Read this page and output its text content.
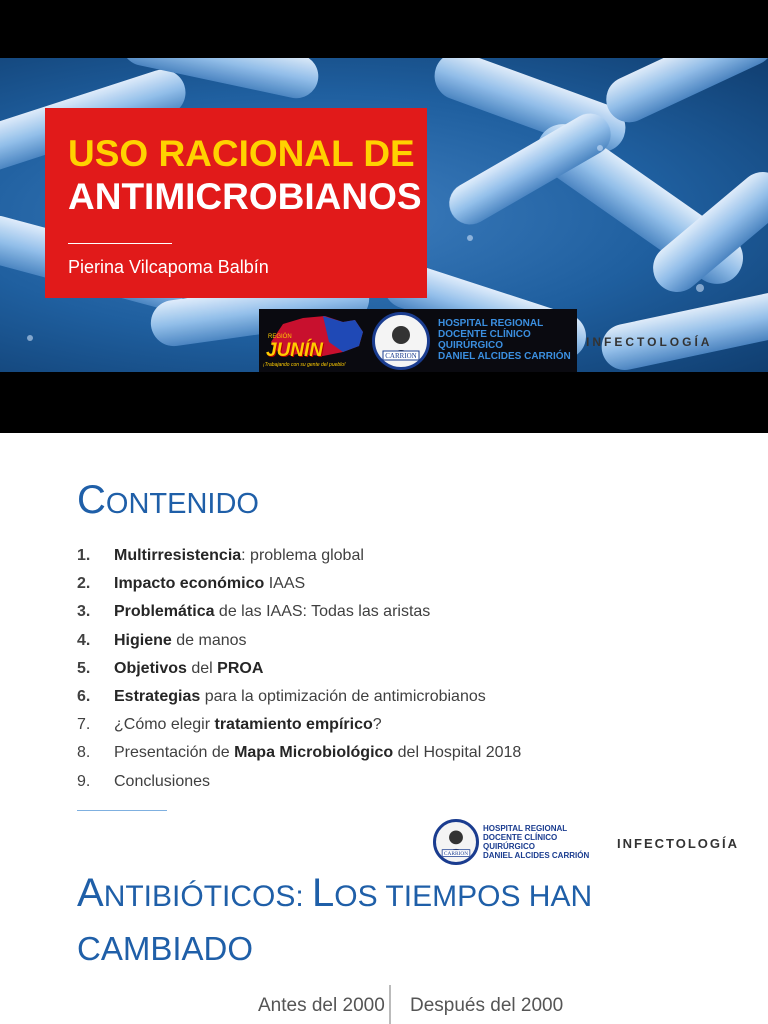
USO RACIONAL DE
ANTIMICROBIANOS
Pierina Vilcapoma Balbín
REGIÓN
JUNÍN
¡Trabajando con su gente del pueblo!
CARRION
HOSPITAL REGIONAL
DOCENTE CLÍNICO
QUIRÚRGICO
DANIEL ALCIDES CARRIÓN
INFECTOLOGÍA
CONTENIDO
1.	Multirresistencia: problema global
2.	Impacto económico IAAS
3.	Problemática de las IAAS: Todas las aristas
4.	Higiene de manos
5.	Objetivos del PROA
6.	Estrategias para la optimización de antimicrobianos
7.	¿Cómo elegir tratamiento empírico?
8.	Presentación de Mapa Microbiológico del Hospital 2018
9.	Conclusiones
CARRION
HOSPITAL REGIONAL
DOCENTE CLÍNICO
QUIRÚRGICO
DANIEL ALCIDES CARRIÓN
INFECTOLOGÍA
ANTIBIÓTICOS: LOS TIEMPOS HAN
CAMBIADO
Antes del 2000 Después del 2000
